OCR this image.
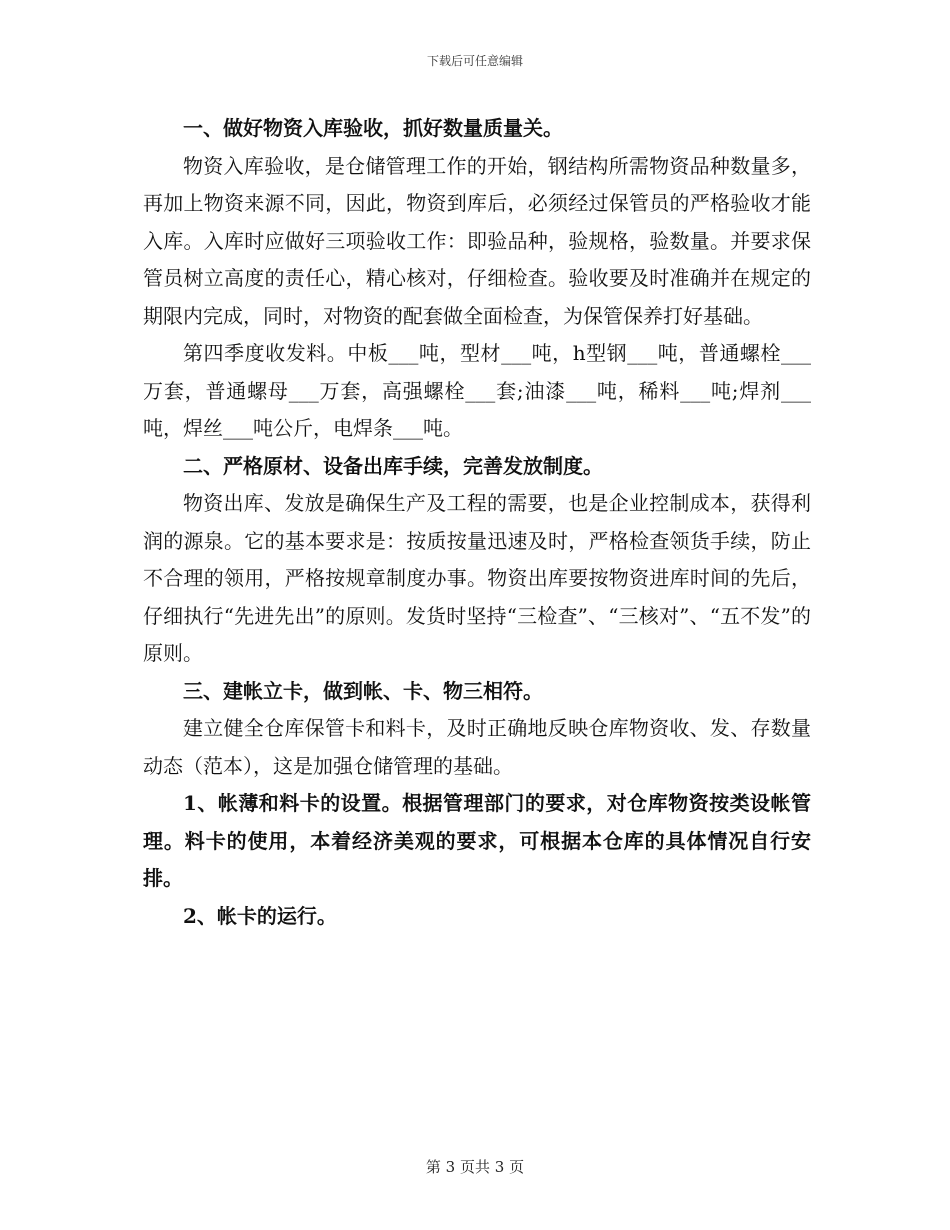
下载后可任意编辑

一、做好物资入库验收，抓好数量质量关。

物资入库验收，是仓储管理工作的开始，钢结构所需物资品种数量多，再加上物资来源不同，因此，物资到库后，必须经过保管员的严格验收才能入库。入库时应做好三项验收工作：即验品种，验规格，验数量。并要求保管员树立高度的责任心，精心核对，仔细检查。验收要及时准确并在规定的期限内完成，同时，对物资的配套做全面检查，为保管保养打好基础。

第四季度收发料。中板___吨，型材___吨，h型钢___吨，普通螺栓___万套，普通螺母___万套，高强螺栓___套;油漆___吨，稀料___吨;焊剂___吨，焊丝___吨公斤，电焊条___吨。

二、严格原材、设备出库手续，完善发放制度。

物资出库、发放是确保生产及工程的需要，也是企业控制成本，获得利润的源泉。它的基本要求是：按质按量迅速及时，严格检查领货手续，防止不合理的领用，严格按规章制度办事。物资出库要按物资进库时间的先后，仔细执行“先进先出”的原则。发货时坚持“三检查”、“三核对”、“五不发”的原则。

三、建帐立卡，做到帐、卡、物三相符。

建立健全仓库保管卡和料卡，及时正确地反映仓库物资收、发、存数量动态（范本），这是加强仓储管理的基础。

1、帐薄和料卡的设置。根据管理部门的要求，对仓库物资按类设帐管理。料卡的使用，本着经济美观的要求，可根据本仓库的具体情况自行安排。

2、帐卡的运行。

第 3 页共 3 页
